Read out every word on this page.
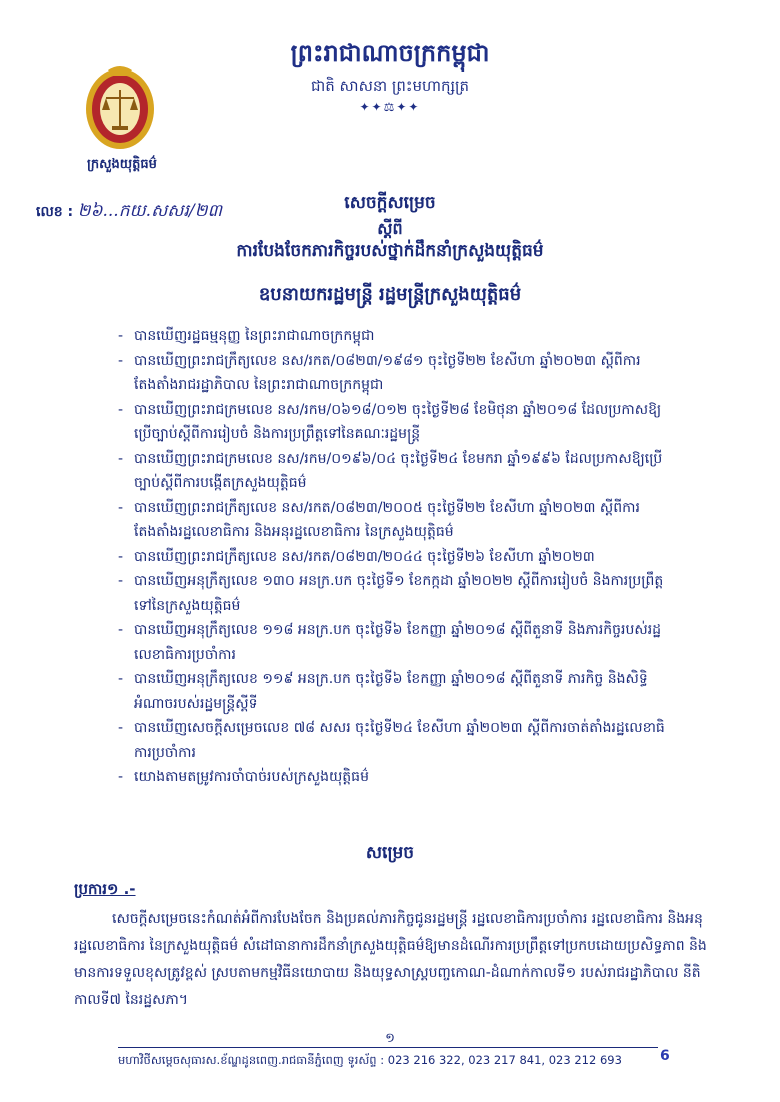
ក្រសួងយុត្តិធម៌
ព្រះរាជាណាចក្រកម្ពុជា
ជាតិ សាសនា ព្រះមហាក្សត្រ
✦✦⚖✦✦
លេខ : ២៦...កយ.សសរ/២៣	សេចក្តីសម្រេច
ស្តីពី
ការបែងចែកភារកិច្ចរបស់ថ្នាក់ដឹកនាំក្រសួងយុត្តិធម៌
ឧបនាយករដ្ឋមន្ត្រី រដ្ឋមន្ត្រីក្រសួងយុត្តិធម៌
- បានឃើញរដ្ឋធម្មនុញ្ញ នៃព្រះរាជាណាចក្រកម្ពុជា
- បានឃើញព្រះរាជក្រឹត្យលេខ នស/រកត/០៨២៣/១៩៨១ ចុះថ្ងៃទី២២ ខែសីហា ឆ្នាំ២០២៣ ស្តីពីការតែងតាំងរាជរដ្ឋាភិបាល នៃព្រះរាជាណាចក្រកម្ពុជា
- បានឃើញព្រះរាជក្រមលេខ នស/រកម/០៦១៨/០១២ ចុះថ្ងៃទី២៨ ខែមិថុនា ឆ្នាំ២០១៨ ដែលប្រកាសឱ្យប្រើច្បាប់ស្តីពីការរៀបចំ និងការប្រព្រឹត្តទៅនៃគណៈរដ្ឋមន្ត្រី
- បានឃើញព្រះរាជក្រមលេខ នស/រកម/០១៩៦/០៤ ចុះថ្ងៃទី២៤ ខែមករា ឆ្នាំ១៩៩៦ ដែលប្រកាសឱ្យប្រើច្បាប់ស្តីពីការបង្កើតក្រសួងយុត្តិធម៌
- បានឃើញព្រះរាជក្រឹត្យលេខ នស/រកត/០៨២៣/២០០៥ ចុះថ្ងៃទី២២ ខែសីហា ឆ្នាំ២០២៣ ស្តីពីការតែងតាំងរដ្ឋលេខាធិការ និងអនុរដ្ឋលេខាធិការ នៃក្រសួងយុត្តិធម៌
- បានឃើញព្រះរាជក្រឹត្យលេខ នស/រកត/០៨២៣/២០៤៤ ចុះថ្ងៃទី២៦ ខែសីហា ឆ្នាំ២០២៣
- បានឃើញអនុក្រឹត្យលេខ ១៣០ អនក្រ.បក ចុះថ្ងៃទី១ ខែកក្កដា ឆ្នាំ២០២២ ស្តីពីការរៀបចំ និងការប្រព្រឹត្តទៅនៃក្រសួងយុត្តិធម៌
- បានឃើញអនុក្រឹត្យលេខ ១១៨ អនក្រ.បក ចុះថ្ងៃទី៦ ខែកញ្ញា ឆ្នាំ២០១៨ ស្តីពីតួនាទី និងភារកិច្ចរបស់រដ្ឋលេខាធិការប្រចាំការ
- បានឃើញអនុក្រឹត្យលេខ ១១៩ អនក្រ.បក ចុះថ្ងៃទី៦ ខែកញ្ញា ឆ្នាំ២០១៨ ស្តីពីតួនាទី ភារកិច្ច និងសិទ្ធិអំណាចរបស់រដ្ឋមន្ត្រីស្តីទី
- បានឃើញសេចក្តីសម្រេចលេខ ៧៨ សសរ ចុះថ្ងៃទី២៤ ខែសីហា ឆ្នាំ២០២៣ ស្តីពីការចាត់តាំងរដ្ឋលេខាធិការប្រចាំការ
- យោងតាមតម្រូវការចាំបាច់របស់ក្រសួងយុត្តិធម៌
សម្រេច
ប្រការ១ .-
សេចក្តីសម្រេចនេះកំណត់អំពីការបែងចែក និងប្រគល់ភារកិច្ចជូនរដ្ឋមន្ត្រី រដ្ឋលេខាធិការប្រចាំការ រដ្ឋលេខាធិការ និងអនុរដ្ឋលេខាធិការ នៃក្រសួងយុត្តិធម៌ សំដៅធានាការដឹកនាំក្រសួងយុត្តិធម៌ឱ្យមានដំណើរការប្រព្រឹត្តទៅប្រកបដោយប្រសិទ្ធភាព និងមានការទទួលខុសត្រូវខ្ពស់ ស្របតាមកម្មវិធីនយោបាយ និងយុទ្ធសាស្ត្របញ្ចកោណ-ដំណាក់កាលទី១ របស់រាជរដ្ឋាភិបាល នីតិកាលទី៧ នៃរដ្ឋសភា។
១
មហាវិថីសម្តេចសុធារស.ខ័ណ្ឌដូនពេញ.រាជធានីភ្នំពេញ ទូរស័ព្ទ : 023 216 322, 023 217 841, 023 212 693	6
